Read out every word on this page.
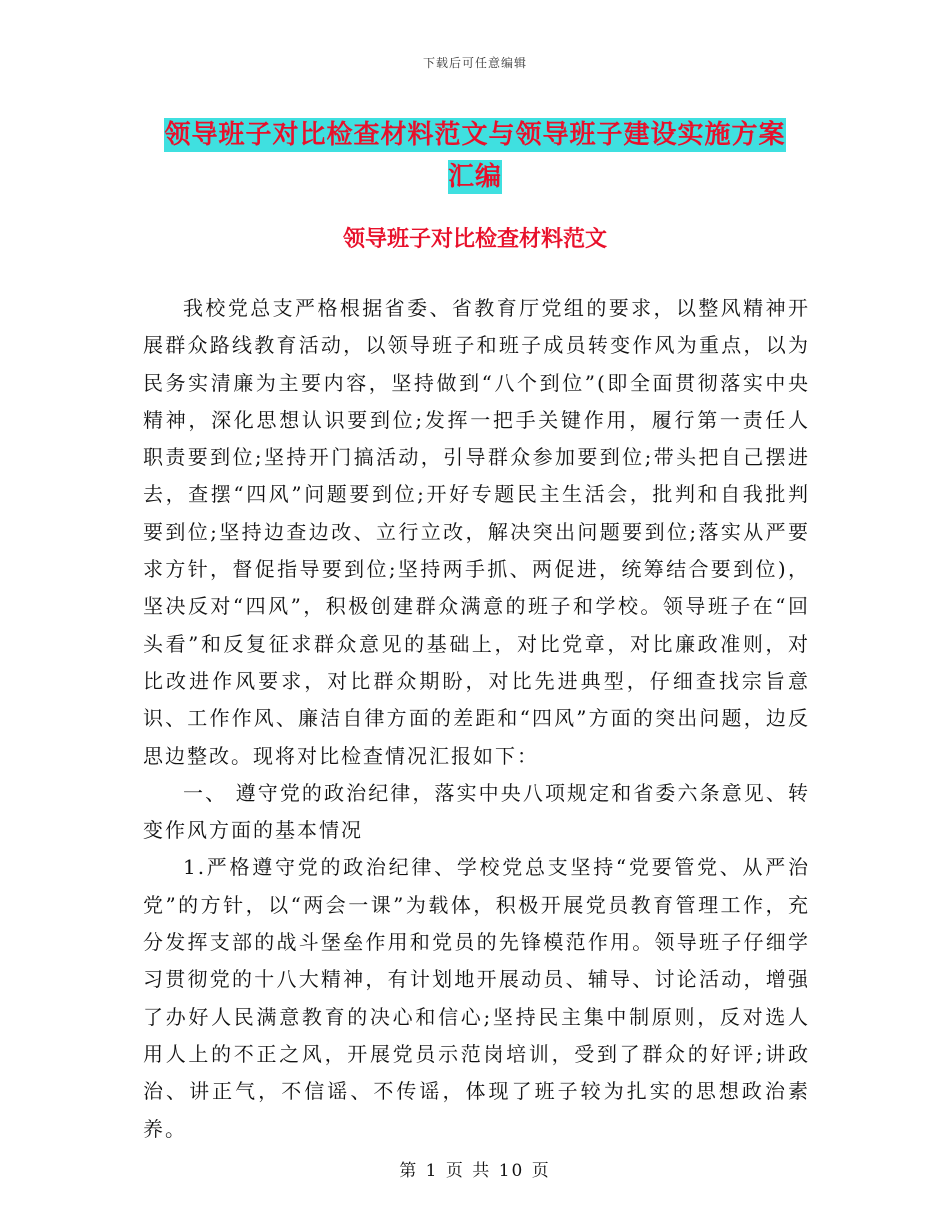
下载后可任意编辑
领导班子对比检查材料范文与领导班子建设实施方案
汇编
领导班子对比检查材料范文

我校党总支严格根据省委、省教育厅党组的要求，以整风精神开展群众路线教育活动，以领导班子和班子成员转变作风为重点，以为民务实清廉为主要内容，坚持做到“八个到位”(即全面贯彻落实中央精神，深化思想认识要到位;发挥一把手关键作用，履行第一责任人职责要到位;坚持开门搞活动，引导群众参加要到位;带头把自己摆进去，查摆“四风”问题要到位;开好专题民主生活会，批判和自我批判要到位;坚持边查边改、立行立改，解决突出问题要到位;落实从严要求方针，督促指导要到位;坚持两手抓、两促进，统筹结合要到位)，坚决反对“四风”，积极创建群众满意的班子和学校。领导班子在“回头看”和反复征求群众意见的基础上，对比党章，对比廉政准则，对比改进作风要求，对比群众期盼，对比先进典型，仔细查找宗旨意识、工作作风、廉洁自律方面的差距和“四风”方面的突出问题，边反思边整改。现将对比检查情况汇报如下：

一、 遵守党的政治纪律，落实中央八项规定和省委六条意见、转变作风方面的基本情况

1.严格遵守党的政治纪律、学校党总支坚持“党要管党、从严治党”的方针，以“两会一课”为载体，积极开展党员教育管理工作，充分发挥支部的战斗堡垒作用和党员的先锋模范作用。领导班子仔细学习贯彻党的十八大精神，有计划地开展动员、辅导、讨论活动，增强了办好人民满意教育的决心和信心;坚持民主集中制原则，反对选人用人上的不正之风，开展党员示范岗培训，受到了群众的好评;讲政治、讲正气，不信谣、不传谣，体现了班子较为扎实的思想政治素养。

第 1 页 共 10 页
